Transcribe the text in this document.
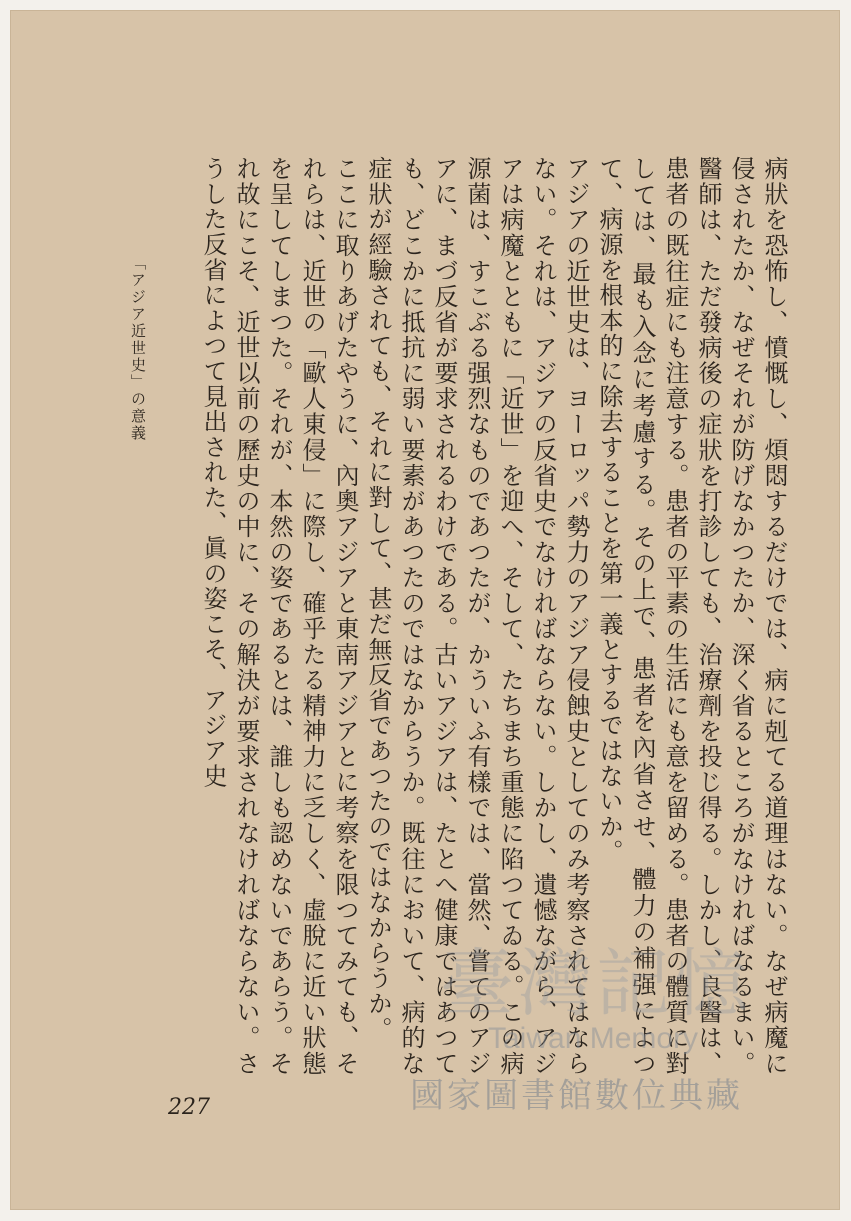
病狀を恐怖し、憤慨し、煩悶するだけでは、病に剋てる道理はない。なぜ病魔に侵されたか、なぜそれが防げなかつたか、深く省るところがなければなるまい。醫師は、ただ發病後の症狀を打診しても、治療劑を投じ得る。しかし、良醫は、患者の既往症にも注意する。患者の平素の生活にも意を留める。患者の體質に對しては、最も入念に考慮する。その上で、患者を內省させ、體力の補强によつて、病源を根本的に除去することを第一義とするではないか。

アジアの近世史は、ヨーロッパ勢力のアジア侵蝕史としてのみ考察されてはならない。それは、アジアの反省史でなければならない。しかし、遺憾ながら、アジアは病魔とともに「近世」を迎へ、そして、たちまち重態に陷つてゐる。この病源菌は、すこぶる强烈なものであつたが、かういふ有樣では、當然、嘗てのアジアに、まづ反省が要求されるわけである。古いアジアは、たとへ健康ではあつても、どこかに抵抗に弱い要素があつたのではなからうか。既往において、病的な症狀が經驗されても、それに對して、甚だ無反省であつたのではなからうか。

ここに取りあげたやうに、內奧アジアと東南アジアとに考察を限つてみても、それらは、近世の「歐人東侵」に際し、確乎たる精神力に乏しく、虛脫に近い狀態を呈してしまつた。それが、本然の姿であるとは、誰しも認めないであらう。それ故にこそ、近世以前の歷史の中に、その解決が要求されなければならない。さうした反省によつて見出された、眞の姿こそ、アジア史

「アジア近世史」の意義
227
臺灣記憶
Taiwan Memory
國家圖書館數位典藏
